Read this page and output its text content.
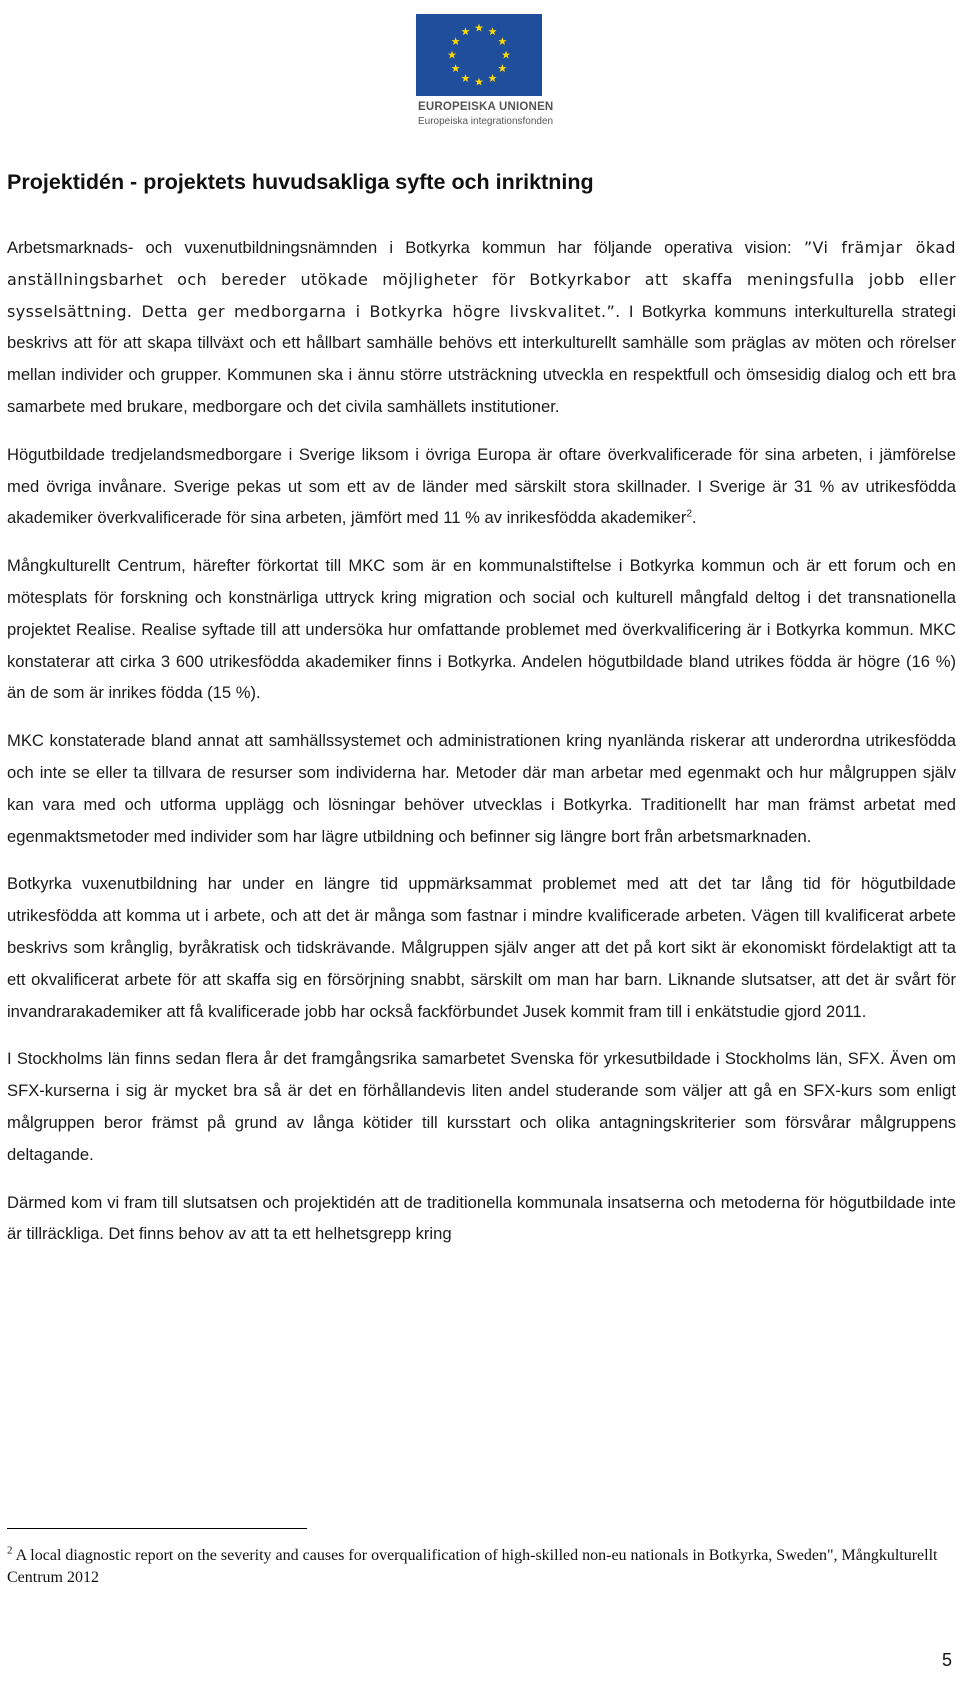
EUROPEISKA UNIONEN
Europeiska integrationsfonden
Projektidén - projektets huvudsakliga syfte och inriktning

Arbetsmarknads- och vuxenutbildningsnämnden i Botkyrka kommun har följande operativa vision: ”Vi främjar ökad anställningsbarhet och bereder utökade möjligheter för Botkyrkabor att skaffa meningsfulla jobb eller sysselsättning. Detta ger medborgarna i Botkyrka högre livskvalitet.”. I Botkyrka kommuns interkulturella strategi beskrivs att för att skapa tillväxt och ett hållbart samhälle behövs ett interkulturellt samhälle som präglas av möten och rörelser mellan individer och grupper. Kommunen ska i ännu större utsträckning utveckla en respektfull och ömsesidig dialog och ett bra samarbete med brukare, medborgare och det civila samhällets institutioner.

Högutbildade tredjelandsmedborgare i Sverige liksom i övriga Europa är oftare överkvalificerade för sina arbeten, i jämförelse med övriga invånare. Sverige pekas ut som ett av de länder med särskilt stora skillnader. I Sverige är 31 % av utrikesfödda akademiker överkvalificerade för sina arbeten, jämfört med 11 % av inrikesfödda akademiker$^2$.

Mångkulturellt Centrum, härefter förkortat till MKC som är en kommunalstiftelse i Botkyrka kommun och är ett forum och en mötesplats för forskning och konstnärliga uttryck kring migration och social och kulturell mångfald deltog i det transnationella projektet Realise. Realise syftade till att undersöka hur omfattande problemet med överkvalificering är i Botkyrka kommun. MKC konstaterar att cirka 3 600 utrikesfödda akademiker finns i Botkyrka. Andelen högutbildade bland utrikes födda är högre (16 %) än de som är inrikes födda (15 %).

MKC konstaterade bland annat att samhällssystemet och administrationen kring nyanlända riskerar att underordna utrikesfödda och inte se eller ta tillvara de resurser som individerna har. Metoder där man arbetar med egenmakt och hur målgruppen själv kan vara med och utforma upplägg och lösningar behöver utvecklas i Botkyrka. Traditionellt har man främst arbetat med egenmaktsmetoder med individer som har lägre utbildning och befinner sig längre bort från arbetsmarknaden.

Botkyrka vuxenutbildning har under en längre tid uppmärksammat problemet med att det tar lång tid för högutbildade utrikesfödda att komma ut i arbete, och att det är många som fastnar i mindre kvalificerade arbeten. Vägen till kvalificerat arbete beskrivs som krånglig, byråkratisk och tidskrävande. Målgruppen själv anger att det på kort sikt är ekonomiskt fördelaktigt att ta ett okvalificerat arbete för att skaffa sig en försörjning snabbt, särskilt om man har barn. Liknande slutsatser, att det är svårt för invandrarakademiker att få kvalificerade jobb har också fackförbundet Jusek kommit fram till i enkätstudie gjord 2011.

I Stockholms län finns sedan flera år det framgångsrika samarbetet Svenska för yrkesutbildade i Stockholms län, SFX. Även om SFX-kurserna i sig är mycket bra så är det en förhållandevis liten andel studerande som väljer att gå en SFX-kurs som enligt målgruppen beror främst på grund av långa kötider till kursstart och olika antagningskriterier som försvårar målgruppens deltagande.

Därmed kom vi fram till slutsatsen och projektidén att de traditionella kommunala insatserna och metoderna för högutbildade inte är tillräckliga. Det finns behov av att ta ett helhetsgrepp kring

$^2$ A local diagnostic report on the severity and causes for overqualification of high-skilled non-eu nationals in Botkyrka, Sweden", Mångkulturellt Centrum 2012

5
